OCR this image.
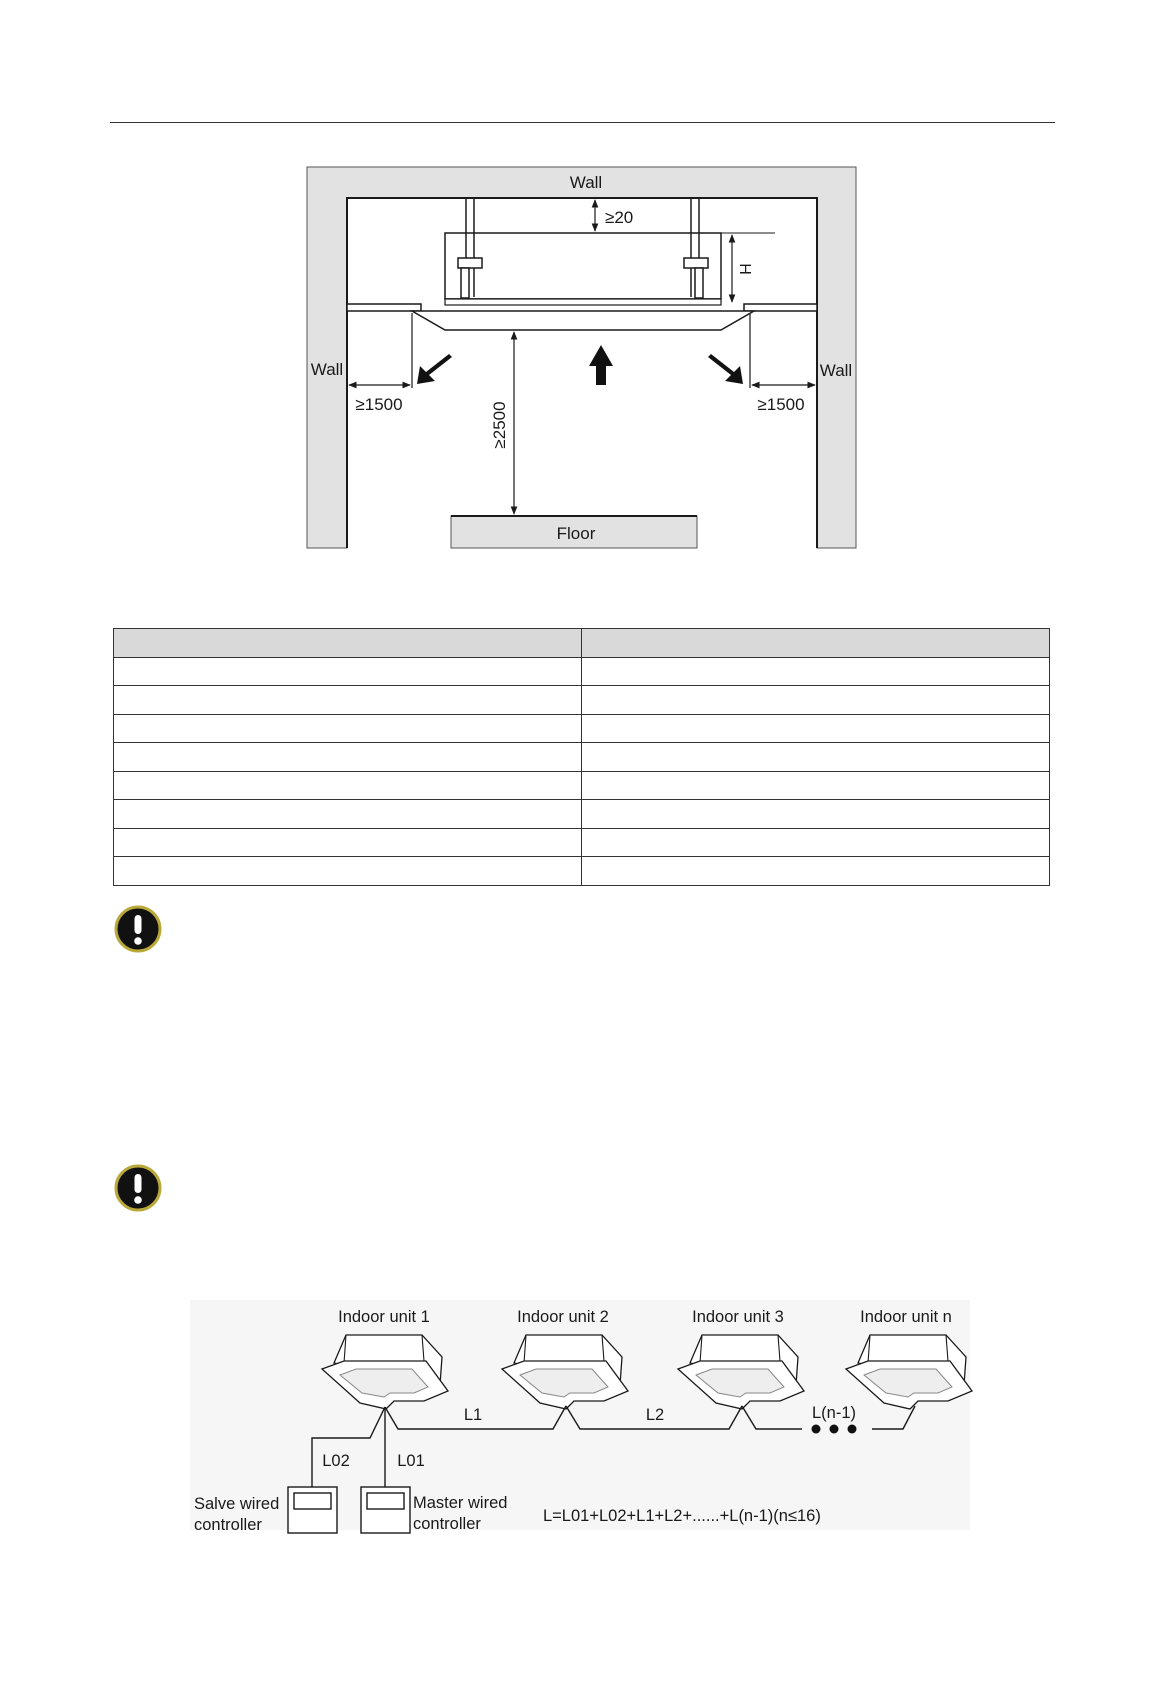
Wall
Wall	Wall
Floor
≥20
H
≥1500	≥1500
≥2500

Indoor unit 1	Indoor unit 2	Indoor unit 3	Indoor unit n
L1	L2	L(n-1)
L02	L01
Salve wired
controller
Master wired
controller	L=L01+L02+L1+L2+......+L(n-1)(n≤16)
